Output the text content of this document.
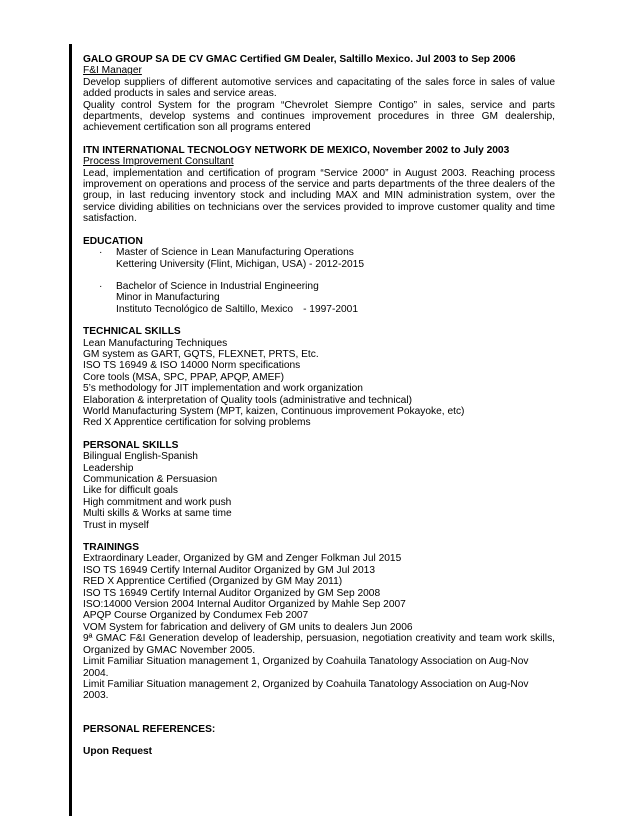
GALO GROUP SA DE CV GMAC Certified GM Dealer, Saltillo Mexico. Jul 2003 to Sep 2006
F&I Manager
Develop suppliers of different automotive services and capacitating of the sales force in sales of value added products in sales and service areas.
Quality control System for the program “Chevrolet Siempre Contigo” in sales, service and parts departments, develop systems and continues improvement procedures in three GM dealership, achievement certification son all programs entered
ITN INTERNATIONAL TECNOLOGY NETWORK DE MEXICO, November 2002 to July 2003
Process Improvement Consultant
Lead, implementation and certification of program “Service 2000” in August 2003. Reaching process improvement on operations and process of the service and parts departments of the three dealers of the group, in last reducing inventory stock and including MAX and MIN administration system, over the service dividing abilities on technicians over the services provided to improve customer quality and time satisfaction.
EDUCATION
· Master of Science in Lean Manufacturing Operations
Kettering University (Flint, Michigan, USA) - 2012-2015
· Bachelor of Science in Industrial Engineering
Minor in Manufacturing
Instituto Tecnológico de Saltillo, Mexico - 1997-2001
TECHNICAL SKILLS
Lean Manufacturing Techniques
GM system as GART, GQTS, FLEXNET, PRTS, Etc.
ISO TS 16949 & ISO 14000 Norm specifications
Core tools (MSA, SPC, PPAP, APQP, AMEF)
5’s methodology for JIT implementation and work organization
Elaboration & interpretation of Quality tools (administrative and technical)
World Manufacturing System (MPT, kaizen, Continuous improvement Pokayoke, etc)
Red X Apprentice certification for solving problems
PERSONAL SKILLS
Bilingual English-Spanish
Leadership
Communication & Persuasion
Like for difficult goals
High commitment and work push
Multi skills & Works at same time
Trust in myself
TRAININGS
Extraordinary Leader, Organized by GM and Zenger Folkman Jul 2015
ISO TS 16949 Certify Internal Auditor Organized by GM Jul 2013
RED X Apprentice Certified (Organized by GM May 2011)
ISO TS 16949 Certify Internal Auditor Organized by GM Sep 2008
ISO:14000 Version 2004 Internal Auditor Organized by Mahle Sep 2007
APQP Course Organized by Condumex Feb 2007
VOM System for fabrication and delivery of GM units to dealers Jun 2006
9ª GMAC F&I Generation develop of leadership, persuasion, negotiation creativity and team work skills, Organized by GMAC November 2005.
Limit Familiar Situation management 1, Organized by Coahuila Tanatology Association on Aug-Nov 2004.
Limit Familiar Situation management 2, Organized by Coahuila Tanatology Association on Aug-Nov 2003.
PERSONAL REFERENCES:
Upon Request
